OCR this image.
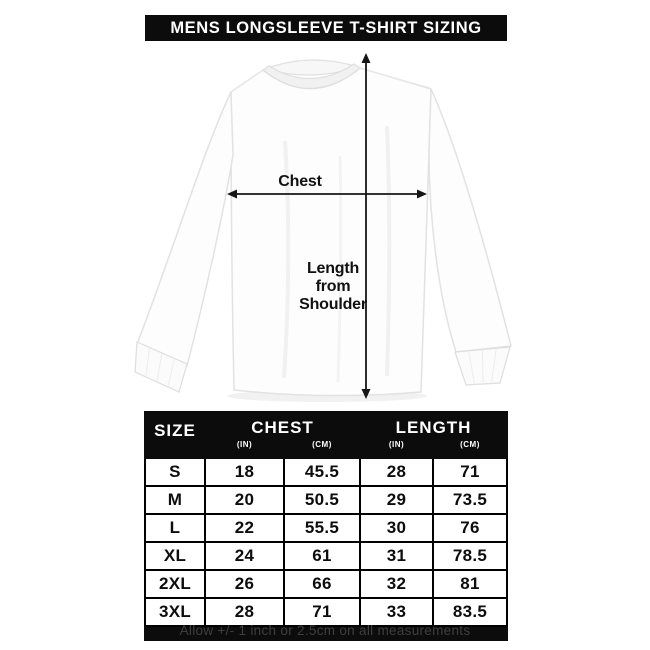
MENS LONGSLEEVE T-SHIRT SIZING
Chest
Length
from
Shoulder
SIZE	CHEST		LENGTH	
	(IN)	(CM)	(IN)	(CM)
S	18	45.5	28	71
M	20	50.5	29	73.5
L	22	55.5	30	76
XL	24	61	31	78.5
2XL	26	66	32	81
3XL	28	71	33	83.5

Allow +/- 1 inch or 2.5cm on all measurements
